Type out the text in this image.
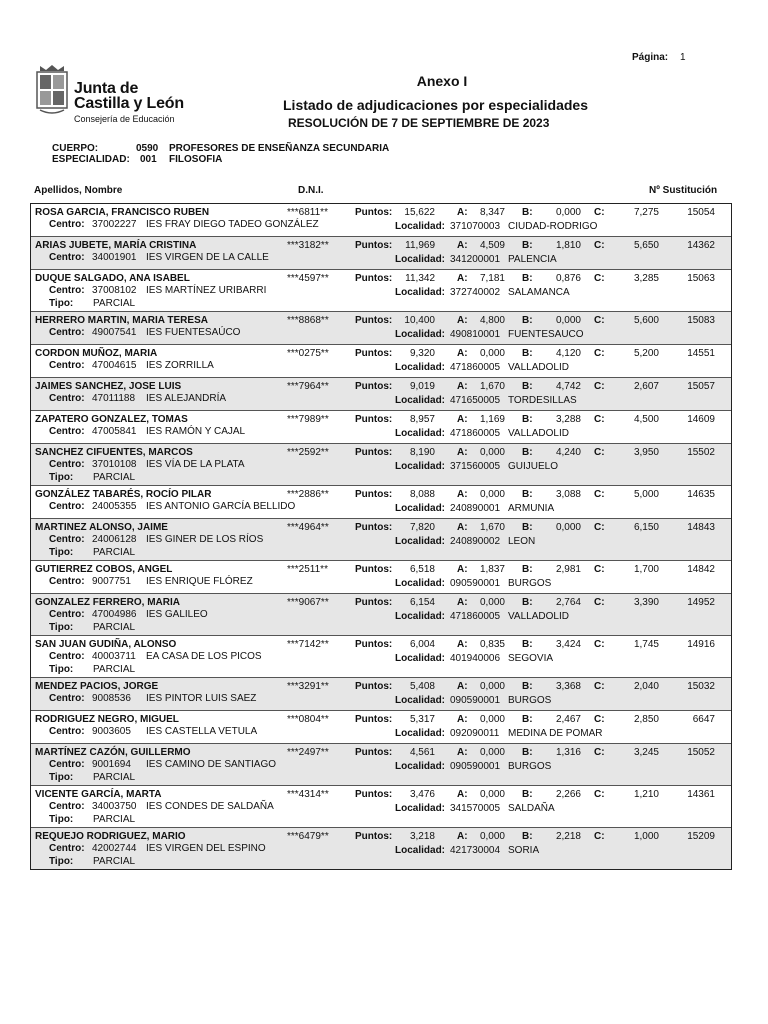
Página: 1
Junta de
Castilla y León
Consejería de Educación
Anexo I
Listado de adjudicaciones por especialidades
RESOLUCIÓN DE 7 DE SEPTIEMBRE DE 2023
CUERPO:	0590 PROFESORES DE ENSEÑANZA SECUNDARIA
ESPECIALIDAD: 001 FILOSOFIA
Apellidos, Nombre	D.N.I.	Nº Sustitución
ROSA GARCIA, FRANCISCO RUBEN	***6811**	Puntos:	15,622 A:	8,347 B:	0,000 C:	7,275	15054
Centro: 37002227 IES FRAY DIEGO TADEO GONZÁLEZ	Localidad: 371070003 CIUDAD-RODRIGO
ARIAS JUBETE, MARÍA CRISTINA	***3182**	Puntos:	11,969 A:	4,509 B:	1,810 C:	5,650	14362
Centro: 34001901 IES VIRGEN DE LA CALLE	Localidad: 341200001 PALENCIA
DUQUE SALGADO, ANA ISABEL	***4597**	Puntos:	11,342 A:	7,181 B:	0,876 C:	3,285	15063
Centro: 37008102 IES MARTÍNEZ URIBARRI	Localidad: 372740002 SALAMANCA
Tipo: PARCIAL
HERRERO MARTIN, MARIA TERESA	***8868**	Puntos:	10,400 A:	4,800 B:	0,000 C:	5,600	15083
Centro: 49007541 IES FUENTESAÚCO	Localidad: 490810001 FUENTESAUCO
CORDON MUÑOZ, MARIA	***0275**	Puntos:	9,320 A:	0,000 B:	4,120 C:	5,200	14551
Centro: 47004615 IES ZORRILLA	Localidad: 471860005 VALLADOLID
JAIMES SANCHEZ, JOSE LUIS	***7964**	Puntos:	9,019 A:	1,670 B:	4,742 C:	2,607	15057
Centro: 47011188 IES ALEJANDRÍA	Localidad: 471650005 TORDESILLAS
ZAPATERO GONZALEZ, TOMAS	***7989**	Puntos:	8,957 A:	1,169 B:	3,288 C:	4,500	14609
Centro: 47005841 IES RAMÓN Y CAJAL	Localidad: 471860005 VALLADOLID
SANCHEZ CIFUENTES, MARCOS	***2592**	Puntos:	8,190 A:	0,000 B:	4,240 C:	3,950	15502
Centro: 37010108 IES VÍA DE LA PLATA	Localidad: 371560005 GUIJUELO
Tipo: PARCIAL
GONZÁLEZ TABARÉS, ROCÍO PILAR	***2886**	Puntos:	8,088 A:	0,000 B:	3,088 C:	5,000	14635
Centro: 24005355 IES ANTONIO GARCÍA BELLIDO	Localidad: 240890001 ARMUNIA
MARTINEZ ALONSO, JAIME	***4964**	Puntos:	7,820 A:	1,670 B:	0,000 C:	6,150	14843
Centro: 24006128 IES GINER DE LOS RÍOS	Localidad: 240890002 LEON
Tipo: PARCIAL
GUTIERREZ COBOS, ANGEL	***2511**	Puntos:	6,518 A:	1,837 B:	2,981 C:	1,700	14842
Centro: 9007751 IES ENRIQUE FLÓREZ	Localidad: 090590001 BURGOS
GONZALEZ FERRERO, MARIA	***9067**	Puntos:	6,154 A:	0,000 B:	2,764 C:	3,390	14952
Centro: 47004986 IES GALILEO	Localidad: 471860005 VALLADOLID
Tipo: PARCIAL
SAN JUAN GUDIÑA, ALONSO	***7142**	Puntos:	6,004 A:	0,835 B:	3,424 C:	1,745	14916
Centro: 40003711 EA CASA DE LOS PICOS	Localidad: 401940006 SEGOVIA
Tipo: PARCIAL
MENDEZ PACIOS, JORGE	***3291**	Puntos:	5,408 A:	0,000 B:	3,368 C:	2,040	15032
Centro: 9008536 IES PINTOR LUIS SAEZ	Localidad: 090590001 BURGOS
RODRIGUEZ NEGRO, MIGUEL	***0804**	Puntos:	5,317 A:	0,000 B:	2,467 C:	2,850	6647
Centro: 9003605 IES CASTELLA VETULA	Localidad: 092090011 MEDINA DE POMAR
MARTÍNEZ CAZÓN, GUILLERMO	***2497**	Puntos:	4,561 A:	0,000 B:	1,316 C:	3,245	15052
Centro: 9001694 IES CAMINO DE SANTIAGO	Localidad: 090590001 BURGOS
Tipo: PARCIAL
VICENTE GARCÍA, MARTA	***4314**	Puntos:	3,476 A:	0,000 B:	2,266 C:	1,210	14361
Centro: 34003750 IES CONDES DE SALDAÑA	Localidad: 341570005 SALDAÑA
Tipo: PARCIAL
REQUEJO RODRIGUEZ, MARIO	***6479**	Puntos:	3,218 A:	0,000 B:	2,218 C:	1,000	15209
Centro: 42002744 IES VIRGEN DEL ESPINO	Localidad: 421730004 SORIA
Tipo: PARCIAL
